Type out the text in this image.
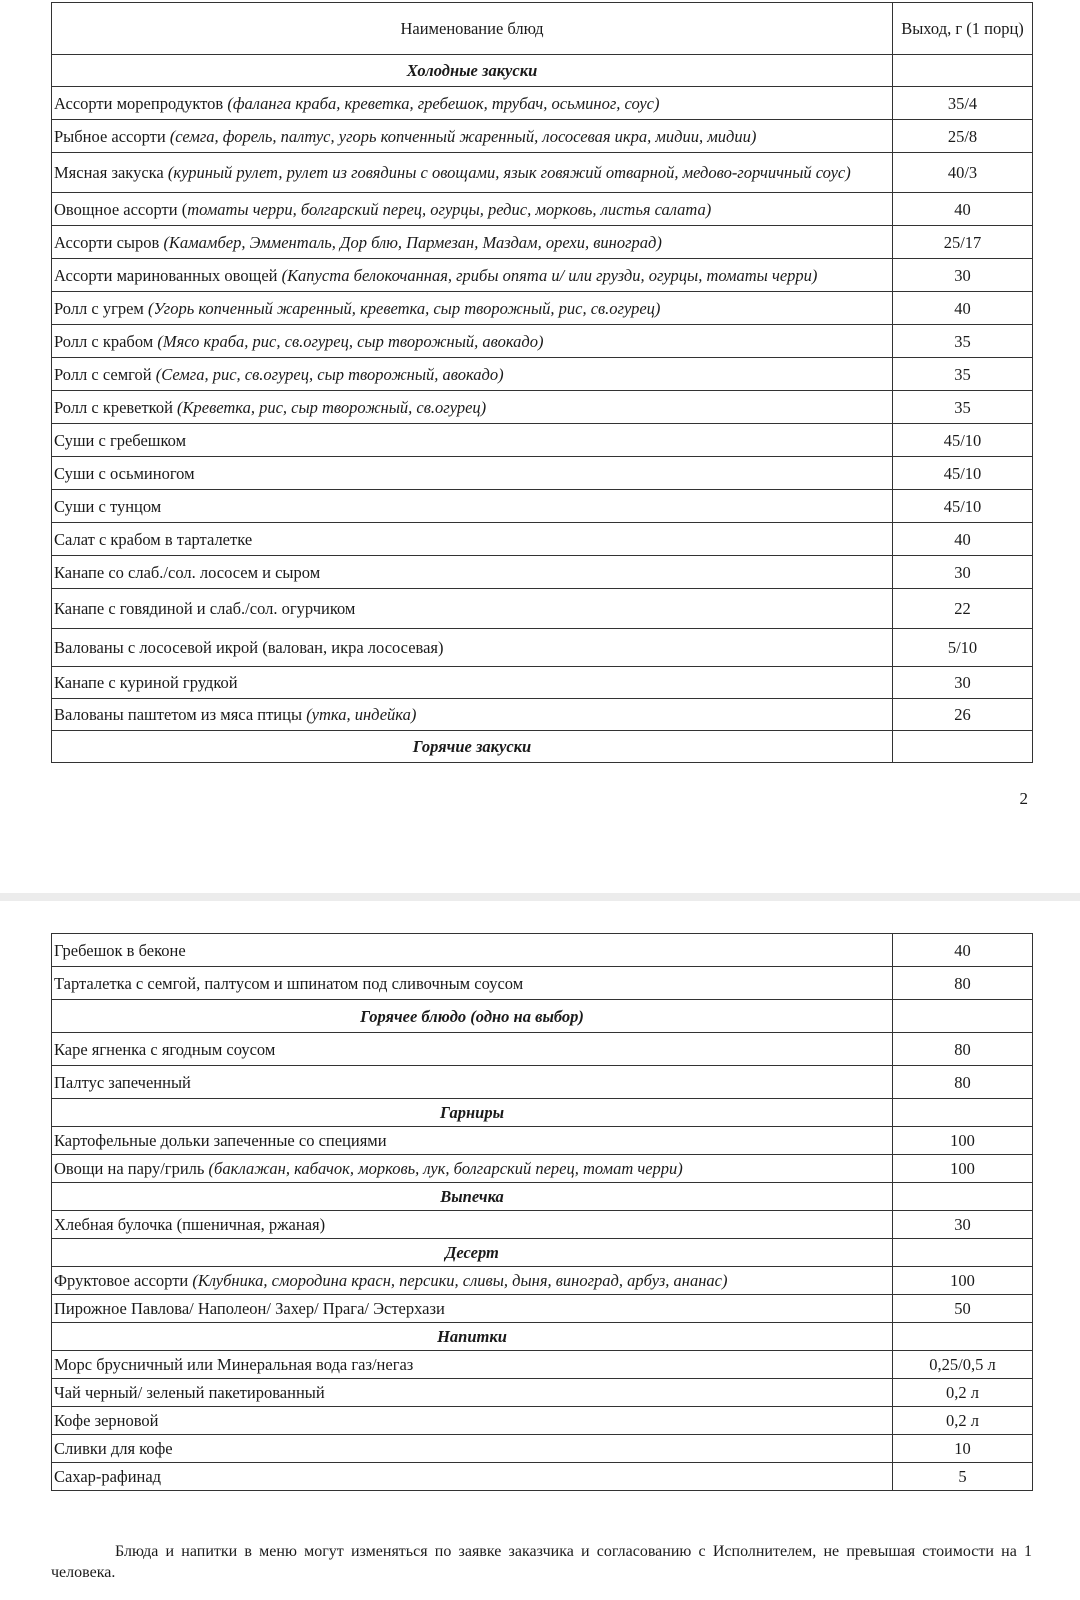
Наименование блюд	Выход, г (1 порц)
Холодные закуски	
Ассорти морепродуктов (фаланга краба, креветка, гребешок, трубач, осьминог, соус)	35/4
Рыбное ассорти (семга, форель, палтус, угорь копченный жаренный, лососевая икра, мидии, мидии)	25/8
Мясная закуска (куриный рулет, рулет из говядины с овощами, язык говяжий отварной, медово-горчичный соус)	40/3
Овощное ассорти (томаты черри, болгарский перец, огурцы, редис, морковь, листья салата)	40
Ассорти сыров (Камамбер, Эмменталь, Дор блю, Пармезан, Маздам, орехи, виноград)	25/17
Ассорти маринованных овощей (Капуста белокочанная, грибы опята и/ или грузди, огурцы, томаты черри)	30
Ролл с угрем (Угорь копченный жаренный, креветка, сыр творожный, рис, св.огурец)	40
Ролл с крабом (Мясо краба, рис, св.огурец, сыр творожный, авокадо)	35
Ролл с семгой (Семга, рис, св.огурец, сыр творожный, авокадо)	35
Ролл с креветкой (Креветка, рис, сыр творожный, св.огурец)	35
Суши с гребешком	45/10
Суши с осьминогом	45/10
Суши с тунцом	45/10
Салат с крабом в тарталетке	40
Канапе со слаб./сол. лососем и сыром	30
Канапе с говядиной и слаб./сол. огурчиком	22
Валованы с лососевой икрой (валован, икра лососевая)	5/10
Канапе с куриной грудкой	30
Валованы паштетом из мяса птицы (утка, индейка)	26
Горячие закуски	
2
Гребешок в беконе	40
Тарталетка с семгой, палтусом и шпинатом под сливочным соусом	80
Горячее блюдо (одно на выбор)	
Каре ягненка с ягодным соусом	80
Палтус запеченный	80
Гарниры	
Картофельные дольки запеченные со специями	100
Овощи на пару/гриль (баклажан, кабачок, морковь, лук, болгарский перец, томат черри)	100
Выпечка	
Хлебная булочка (пшеничная, ржаная)	30
Десерт	
Фруктовое ассорти (Клубника, смородина красн, персики, сливы, дыня, виноград, арбуз, ананас)	100
Пирожное Павлова/ Наполеон/ Захер/ Прага/ Эстерхази	50
Напитки	
Морс брусничный или Минеральная вода газ/негаз	0,25/0,5 л
Чай черный/ зеленый пакетированный	0,2 л
Кофе зерновой	0,2 л
Сливки для кофе	10
Сахар-рафинад	5
Блюда и напитки в меню могут изменяться по заявке заказчика и согласованию с Исполнителем, не превышая стоимости на 1 человека.
